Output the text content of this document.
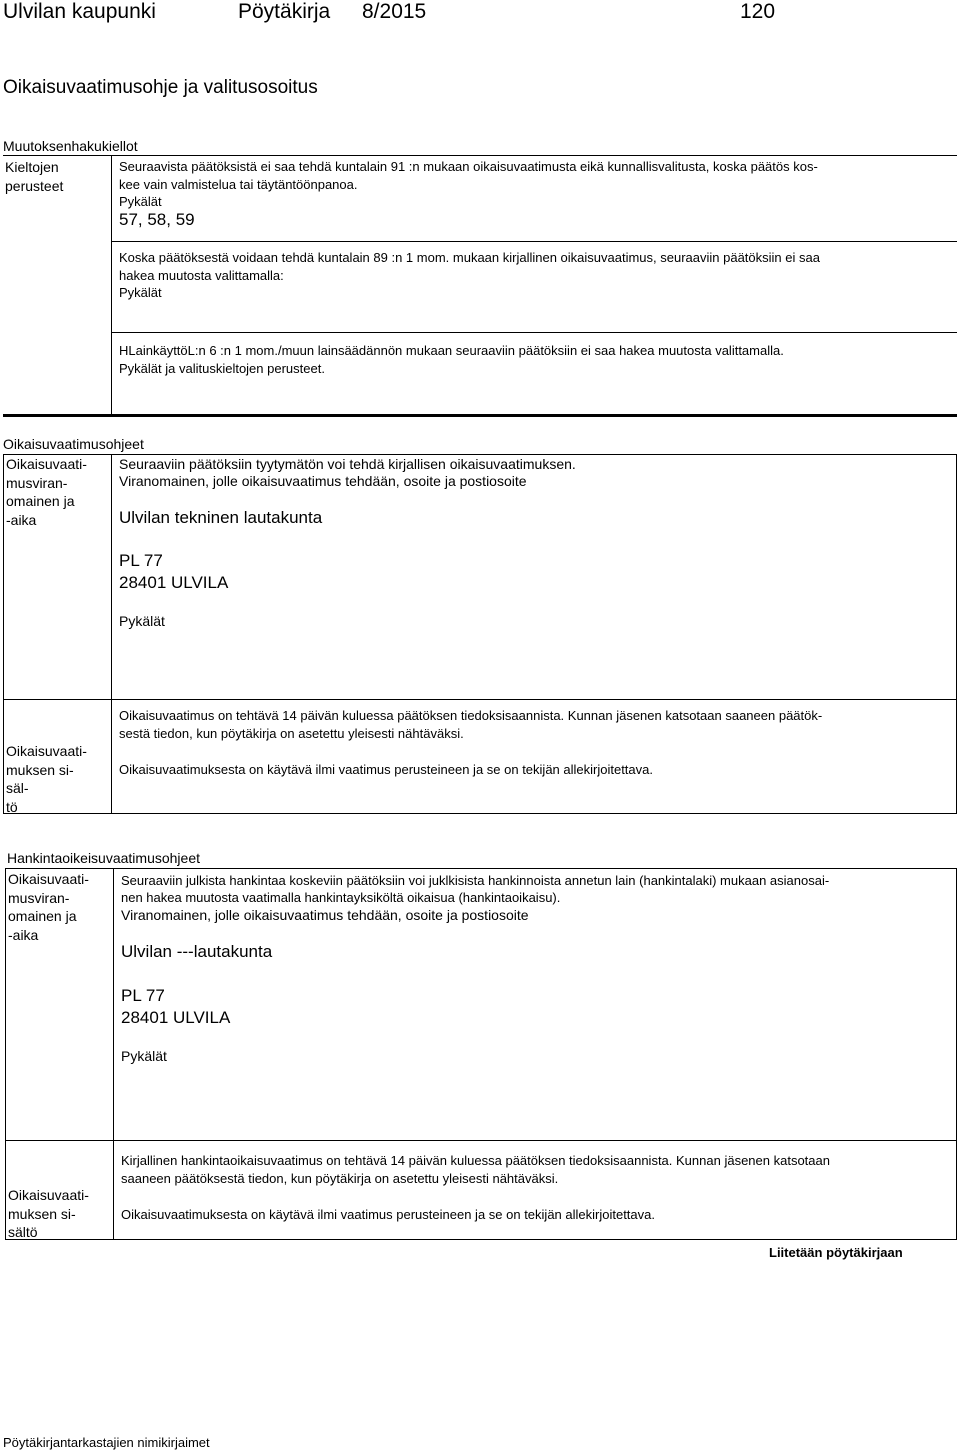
Ulvilan kaupunki	Pöytäkirja 8/2015	120
Oikaisuvaatimusohje ja valitusosoitus
Muutoksenhakukiellot
Kieltojen
perusteet
Seuraavista päätöksistä ei saa tehdä kuntalain 91 :n mukaan oikaisuvaatimusta eikä kunnallisvalitusta, koska päätös kos-
kee vain valmistelua tai täytäntöönpanoa.
Pykälät
57, 58, 59
Koska päätöksestä voidaan tehdä kuntalain 89 :n 1 mom. mukaan kirjallinen oikaisuvaatimus, seuraaviin päätöksiin ei saa
hakea muutosta valittamalla:
Pykälät
HLainkäyttöL:n 6 :n 1 mom./muun lainsäädännön mukaan seuraaviin päätöksiin ei saa hakea muutosta valittamalla.
Pykälät ja valituskieltojen perusteet.
Oikaisuvaatimusohjeet
Oikaisuvaati-
musviran-
omainen ja
-aika
Seuraaviin päätöksiin tyytymätön voi tehdä kirjallisen oikaisuvaatimuksen.
Viranomainen, jolle oikaisuvaatimus tehdään, osoite ja postiosoite
Ulvilan tekninen lautakunta
PL 77
28401 ULVILA
Pykälät
Oikaisuvaati-
muksen si-
säl-
tö
Oikaisuvaatimus on tehtävä 14 päivän kuluessa päätöksen tiedoksisaannista. Kunnan jäsenen katsotaan saaneen päätök-
sestä tiedon, kun pöytäkirja on asetettu yleisesti nähtäväksi.
Oikaisuvaatimuksesta on käytävä ilmi vaatimus perusteineen ja se on tekijän allekirjoitettava.
Hankintaoikeisuvaatimusohjeet
Oikaisuvaati-
musviran-
omainen ja
-aika
Seuraaviin julkista hankintaa koskeviin päätöksiin voi juklkisista hankinnoista annetun lain (hankintalaki) mukaan asianosai-
nen hakea muutosta vaatimalla hankintayksiköltä oikaisua (hankintaoikaisu).
Viranomainen, jolle oikaisuvaatimus tehdään, osoite ja postiosoite
Ulvilan ---lautakunta
PL 77
28401 ULVILA
Pykälät
Oikaisuvaati-
muksen si-
sältö
Kirjallinen hankintaoikaisuvaatimus on tehtävä 14 päivän kuluessa päätöksen tiedoksisaannista. Kunnan jäsenen katsotaan
saaneen päätöksestä tiedon, kun pöytäkirja on asetettu yleisesti nähtäväksi.
Oikaisuvaatimuksesta on käytävä ilmi vaatimus perusteineen ja se on tekijän allekirjoitettava.
Liitetään pöytäkirjaan
Pöytäkirjantarkastajien nimikirjaimet
